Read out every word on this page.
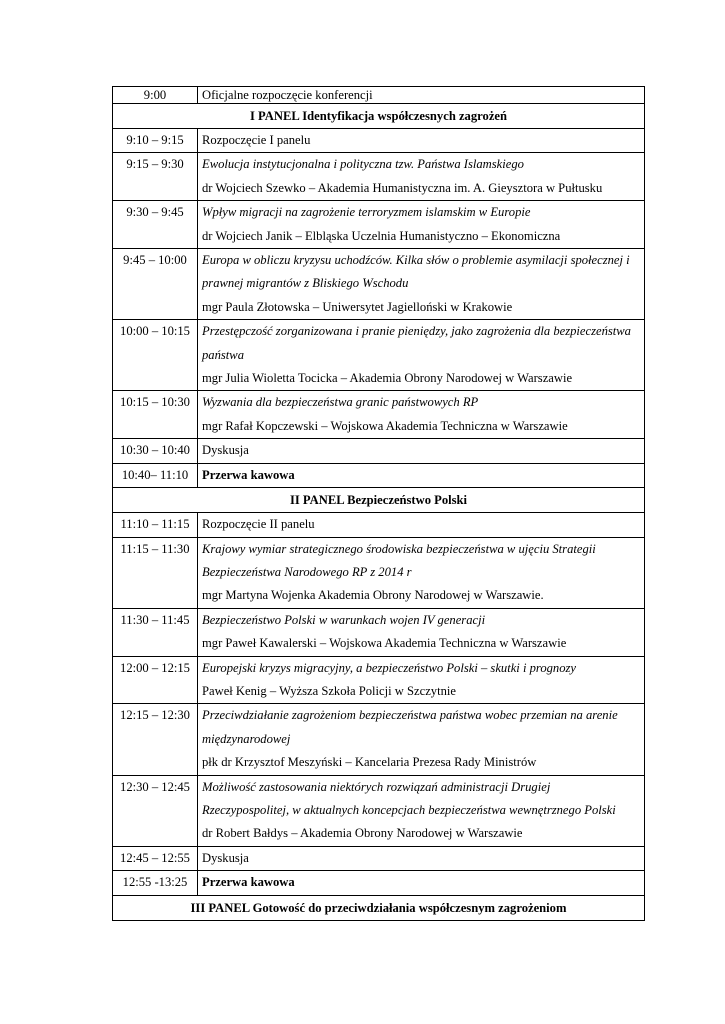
9:00	Oficjalne rozpoczęcie konferencji
I PANEL Identyfikacja współczesnych zagrożeń	
9:10 – 9:15	Rozpoczęcie I panelu
9:15 – 9:30	Ewolucja instytucjonalna i polityczna tzw. Państwa Islamskiego
dr Wojciech Szewko – Akademia Humanistyczna im. A. Gieysztora w Pułtusku

9:30 – 9:45	Wpływ migracji na zagrożenie terroryzmem islamskim w Europie
dr Wojciech Janik – Elbląska Uczelnia Humanistyczno – Ekonomiczna

9:45 – 10:00	Europa w obliczu kryzysu uchodźców. Kilka słów o problemie asymilacji społecznej i prawnej migrantów z Bliskiego Wschodu
mgr Paula Złotowska – Uniwersytet Jagielloński w Krakowie

10:00 – 10:15	Przestępczość zorganizowana i pranie pieniędzy, jako zagrożenia dla bezpieczeństwa państwa
mgr Julia Wioletta Tocicka – Akademia Obrony Narodowej w Warszawie

10:15 – 10:30	Wyzwania dla bezpieczeństwa granic państwowych RP
mgr Rafał Kopczewski – Wojskowa Akademia Techniczna w Warszawie

10:30 – 10:40	Dyskusja
10:40– 11:10	Przerwa kawowa
II PANEL Bezpieczeństwo Polski	
11:10 – 11:15	Rozpoczęcie II panelu
11:15 – 11:30	Krajowy wymiar strategicznego środowiska bezpieczeństwa w ujęciu Strategii Bezpieczeństwa Narodowego RP z 2014 r
mgr Martyna Wojenka Akademia Obrony Narodowej w Warszawie.

11:30 – 11:45	Bezpieczeństwo Polski w warunkach wojen IV generacji
mgr Paweł Kawalerski – Wojskowa Akademia Techniczna w Warszawie

12:00 – 12:15	Europejski kryzys migracyjny, a bezpieczeństwo Polski – skutki i prognozy
Paweł Kenig – Wyższa Szkoła Policji w Szczytnie

12:15 – 12:30	Przeciwdziałanie zagrożeniom bezpieczeństwa państwa wobec przemian na arenie międzynarodowej
płk dr Krzysztof Meszyński – Kancelaria Prezesa Rady Ministrów

12:30 – 12:45	Możliwość zastosowania niektórych rozwiązań administracji Drugiej Rzeczypospolitej, w aktualnych koncepcjach bezpieczeństwa wewnętrznego Polski
dr Robert Bałdys – Akademia Obrony Narodowej w Warszawie

12:45 – 12:55	Dyskusja
12:55 -13:25	Przerwa kawowa
III PANEL Gotowość do przeciwdziałania współczesnym zagrożeniom	
